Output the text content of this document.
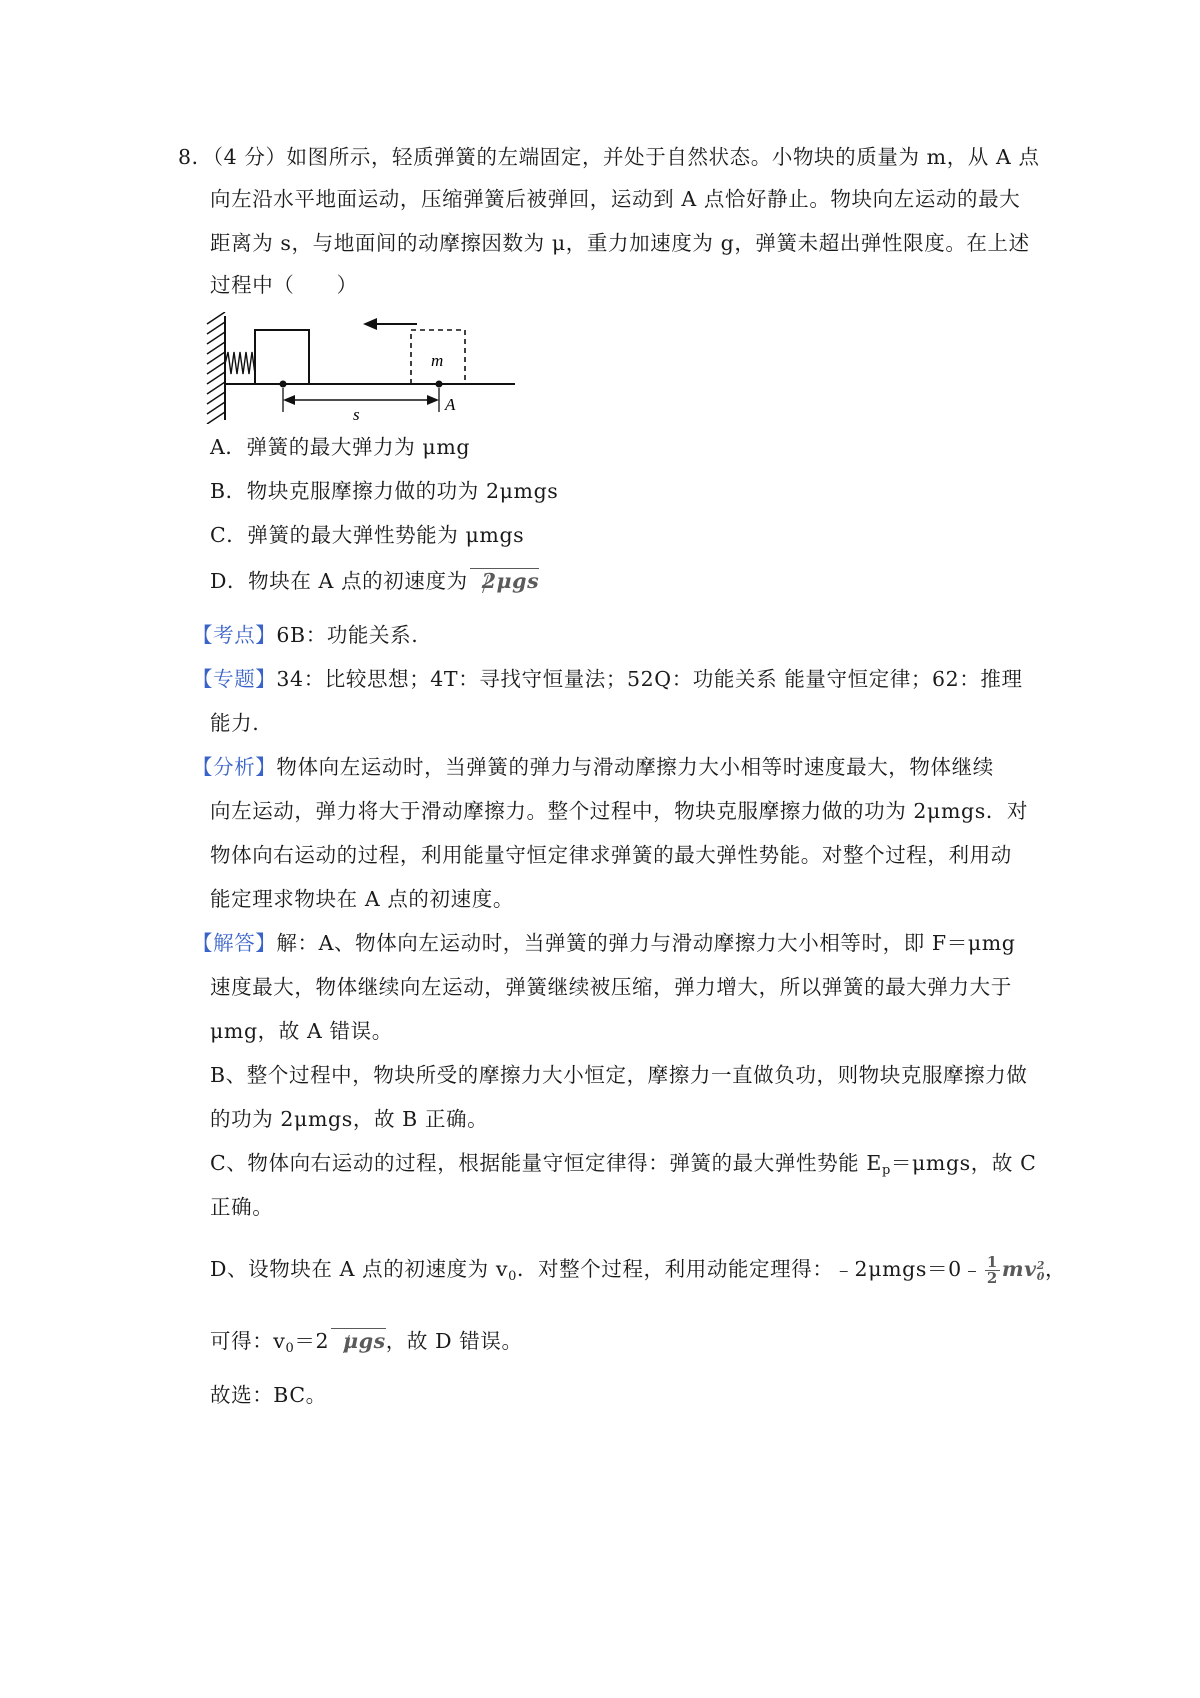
8．（4 分）如图所示，轻质弹簧的左端固定，并处于自然状态。小物块的质量为 m，从 A 点
向左沿水平地面运动，压缩弹簧后被弹回，运动到 A 点恰好静止。物块向左运动的最大
距离为 s，与地面间的动摩擦因数为 μ，重力加速度为 g，弹簧未超出弹性限度。在上述
过程中（　　）
m
s
A
A．弹簧的最大弹力为 μmg
B．物块克服摩擦力做的功为 2μmgs
C．弹簧的最大弹性势能为 μmgs
D．物块在 A 点的初速度为 2μgs
【考点】6B：功能关系.
【专题】34：比较思想；4T：寻找守恒量法；52Q：功能关系 能量守恒定律；62：推理
能力.
【分析】物体向左运动时，当弹簧的弹力与滑动摩擦力大小相等时速度最大，物体继续
向左运动，弹力将大于滑动摩擦力。整个过程中，物块克服摩擦力做的功为 2μmgs．对
物体向右运动的过程，利用能量守恒定律求弹簧的最大弹性势能。对整个过程，利用动
能定理求物块在 A 点的初速度。
【解答】解：A、物体向左运动时，当弹簧的弹力与滑动摩擦力大小相等时，即 F＝μmg
速度最大，物体继续向左运动，弹簧继续被压缩，弹力增大，所以弹簧的最大弹力大于
μmg，故 A 错误。
B、整个过程中，物块所受的摩擦力大小恒定，摩擦力一直做负功，则物块克服摩擦力做
的功为 2μmgs，故 B 正确。
C、物体向右运动的过程，根据能量守恒定律得：弹簧的最大弹性势能 $E_p=\mu mgs$，故 C
正确。
D、设物块在 A 点的初速度为 $v_0$．对整个过程，利用动能定理得：﹣2μmgs＝0﹣ $\frac{1}{2}$ mv 2
0 ，
可得：$v_0=2$ μgs，故 D 错误。
故选：BC。
